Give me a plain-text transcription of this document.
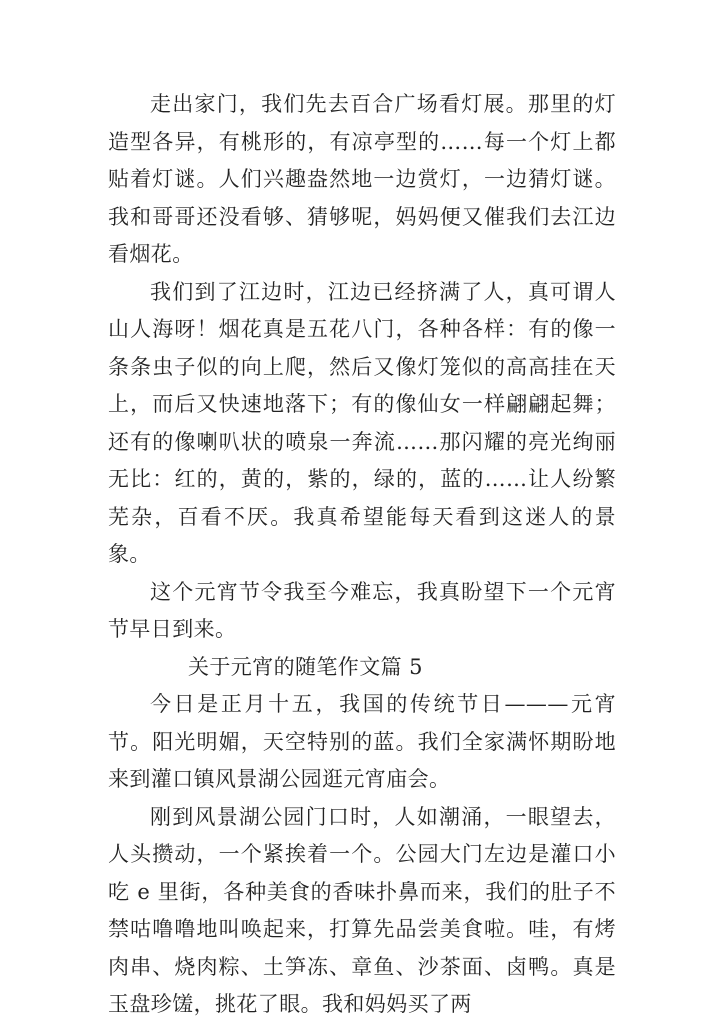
走出家门，我们先去百合广场看灯展。那里的灯造型各异，有桃形的，有凉亭型的……每一个灯上都贴着灯谜。人们兴趣盎然地一边赏灯，一边猜灯谜。我和哥哥还没看够、猜够呢，妈妈便又催我们去江边看烟花。

我们到了江边时，江边已经挤满了人，真可谓人山人海呀！烟花真是五花八门，各种各样：有的像一条条虫子似的向上爬，然后又像灯笼似的高高挂在天上，而后又快速地落下；有的像仙女一样翩翩起舞；还有的像喇叭状的喷泉一奔流……那闪耀的亮光绚丽无比：红的，黄的，紫的，绿的，蓝的……让人纷繁芜杂，百看不厌。我真希望能每天看到这迷人的景象。

这个元宵节令我至今难忘，我真盼望下一个元宵节早日到来。

关于元宵的随笔作文篇 5

今日是正月十五，我国的传统节日———元宵节。阳光明媚，天空特别的蓝。我们全家满怀期盼地来到灌口镇风景湖公园逛元宵庙会。

刚到风景湖公园门口时，人如潮涌，一眼望去，人头攒动，一个紧挨着一个。公园大门左边是灌口小吃 e 里街，各种美食的香味扑鼻而来，我们的肚子不禁咕噜噜地叫唤起来，打算先品尝美食啦。哇，有烤肉串、烧肉粽、土笋冻、章鱼、沙茶面、卤鸭。真是玉盘珍馐，挑花了眼。我和妈妈买了两
